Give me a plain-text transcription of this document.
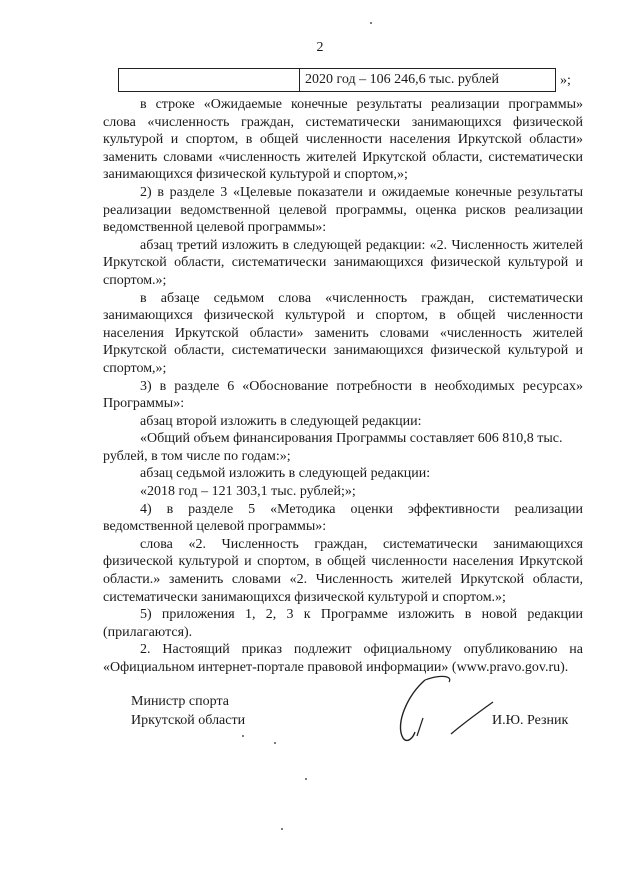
2
2020 год – 106 246,6 тыс. рублей	»;

в строке «Ожидаемые конечные результаты реализации программы» слова «численность граждан, систематически занимающихся физической культурой и спортом, в общей численности населения Иркутской области» заменить словами «численность жителей Иркутской области, систематически занимающихся физической культурой и спортом,»;

2) в разделе 3 «Целевые показатели и ожидаемые конечные результаты реализации ведомственной целевой программы, оценка рисков реализации ведомственной целевой программы»:

абзац третий изложить в следующей редакции: «2. Численность жителей Иркутской области, систематически занимающихся физической культурой и спортом.»;

в абзаце седьмом слова «численность граждан, систематически занимающихся физической культурой и спортом, в общей численности населения Иркутской области» заменить словами «численность жителей Иркутской области, систематически занимающихся физической культурой и спортом,»;

3) в разделе 6 «Обоснование потребности в необходимых ресурсах» Программы»:

абзац второй изложить в следующей редакции:

«Общий объем финансирования Программы составляет 606 810,8 тыс. рублей, в том числе по годам:»;

абзац седьмой изложить в следующей редакции:

«2018 год – 121 303,1 тыс. рублей;»;

4) в разделе 5 «Методика оценки эффективности реализации ведомственной целевой программы»:

слова «2. Численность граждан, систематически занимающихся физической культурой и спортом, в общей численности населения Иркутской области.» заменить словами «2. Численность жителей Иркутской области, систематически занимающихся физической культурой и спортом.»;

5) приложения 1, 2, 3 к Программе изложить в новой редакции (прилагаются).

2. Настоящий приказ подлежит официальному опубликованию на «Официальном интернет-портале правовой информации» (www.pravo.gov.ru).

Министр спорта
Иркутской области	И.Ю. Резник
